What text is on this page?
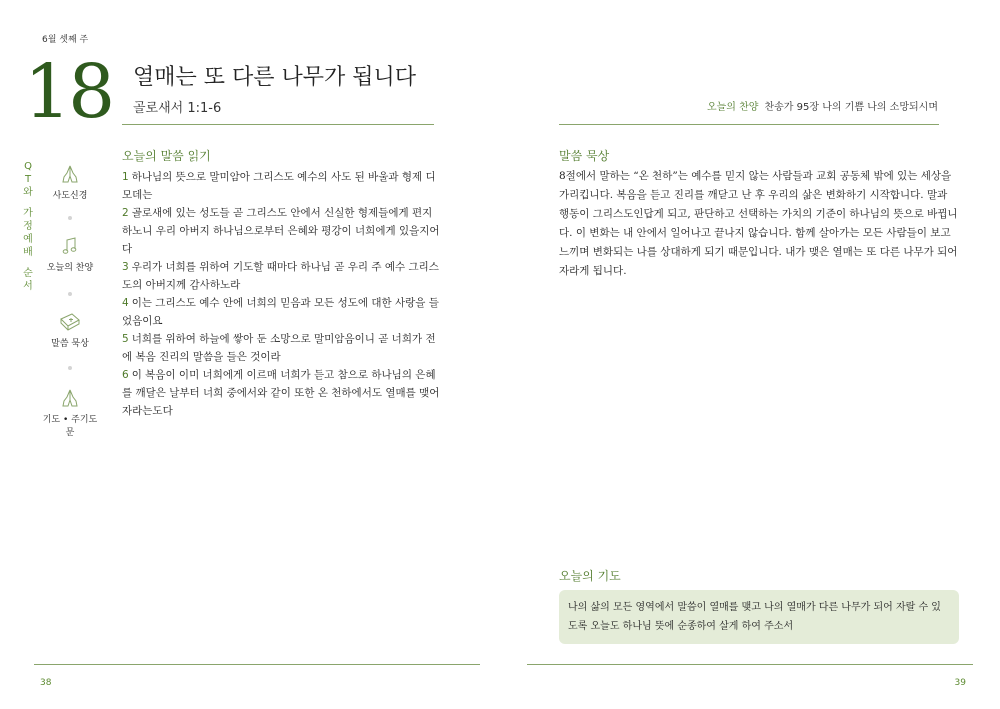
6월 셋째 주
18 열매는 또 다른 나무가 됩니다
골로새서 1:1-6	오늘의 찬양 찬송가 95장 나의 기쁨 나의 소망되시며
Q
T
와
가
정
예
배
순
서
사도신경
오늘의 찬양
말씀 묵상
기도 • 주기도문
오늘의 말씀 읽기
1 하나님의 뜻으로 말미암아 그리스도 예수의 사도 된 바울과 형제 디모데는
2 골로새에 있는 성도들 곧 그리스도 안에서 신실한 형제들에게 편지하노니 우리 아버지 하나님으로부터 은혜와 평강이 너희에게 있을지어다
3 우리가 너희를 위하여 기도할 때마다 하나님 곧 우리 주 예수 그리스도의 아버지께 감사하노라
4 이는 그리스도 예수 안에 너희의 믿음과 모든 성도에 대한 사랑을 들었음이요
5 너희를 위하여 하늘에 쌓아 둔 소망으로 말미암음이니 곧 너희가 전에 복음 진리의 말씀을 들은 것이라
6 이 복음이 이미 너희에게 이르매 너희가 듣고 참으로 하나님의 은혜를 깨달은 날부터 너희 중에서와 같이 또한 온 천하에서도 열매를 맺어 자라는도다
말씀 묵상
8절에서 말하는 “온 천하”는 예수를 믿지 않는 사람들과 교회 공동체 밖에 있는 세상을 가리킵니다. 복음을 듣고 진리를 깨닫고 난 후 우리의 삶은 변화하기 시작합니다. 말과 행동이 그리스도인답게 되고, 판단하고 선택하는 가치의 기준이 하나님의 뜻으로 바뀝니다. 이 변화는 내 안에서 일어나고 끝나지 않습니다. 함께 살아가는 모든 사람들이 보고 느끼며 변화되는 나를 상대하게 되기 때문입니다. 내가 맺은 열매는 또 다른 나무가 되어 자라게 됩니다.
오늘의 기도
나의 삶의 모든 영역에서 말씀이 열매를 맺고 나의 열매가 다른 나무가 되어 자랄 수 있도록 오늘도 하나님 뜻에 순종하여 살게 하여 주소서
38	39
